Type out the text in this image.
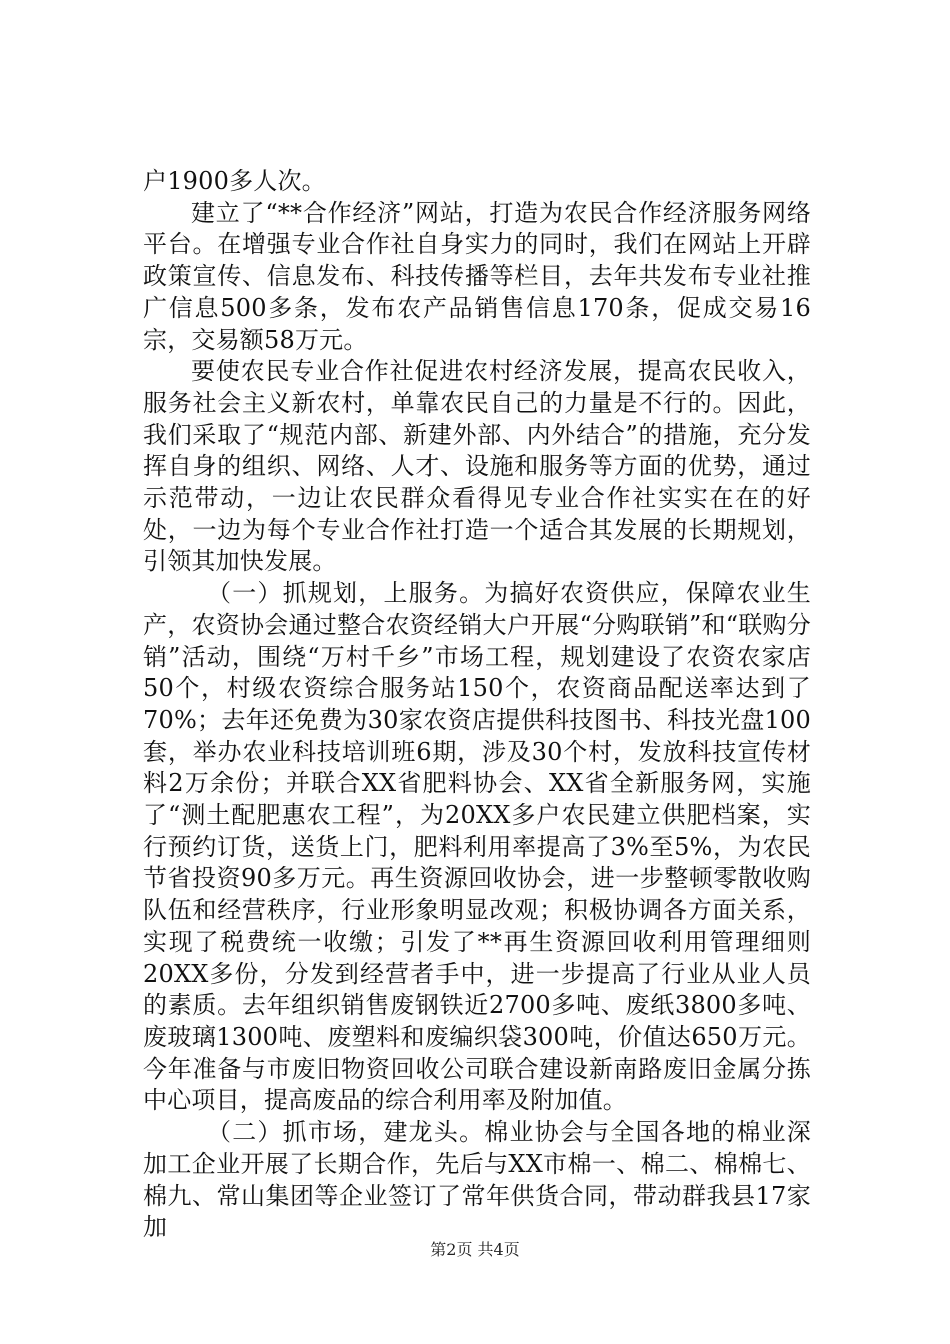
户1900多人次。

建立了“**合作经济”网站，打造为农民合作经济服务网络平台。在增强专业合作社自身实力的同时，我们在网站上开辟政策宣传、信息发布、科技传播等栏目，去年共发布专业社推广信息500多条，发布农产品销售信息170条，促成交易16宗，交易额58万元。

要使农民专业合作社促进农村经济发展，提高农民收入，服务社会主义新农村，单靠农民自己的力量是不行的。因此，我们采取了“规范内部、新建外部、内外结合”的措施，充分发挥自身的组织、网络、人才、设施和服务等方面的优势，通过示范带动，一边让农民群众看得见专业合作社实实在在的好处，一边为每个专业合作社打造一个适合其发展的长期规划，引领其加快发展。

（一）抓规划，上服务。为搞好农资供应，保障农业生产，农资协会通过整合农资经销大户开展“分购联销”和“联购分销”活动，围绕“万村千乡”市场工程，规划建设了农资农家店50个，村级农资综合服务站150个，农资商品配送率达到了70%；去年还免费为30家农资店提供科技图书、科技光盘100套，举办农业科技培训班6期，涉及30个村，发放科技宣传材料2万余份；并联合XX省肥料协会、XX省全新服务网，实施了“测土配肥惠农工程”，为20XX多户农民建立供肥档案，实行预约订货，送货上门，肥料利用率提高了3%至5%，为农民节省投资90多万元。再生资源回收协会，进一步整顿零散收购队伍和经营秩序，行业形象明显改观；积极协调各方面关系，实现了税费统一收缴；引发了**再生资源回收利用管理细则20XX多份，分发到经营者手中，进一步提高了行业从业人员的素质。去年组织销售废钢铁近2700多吨、废纸3800多吨、废玻璃1300吨、废塑料和废编织袋300吨，价值达650万元。今年准备与市废旧物资回收公司联合建设新南路废旧金属分拣中心项目，提高废品的综合利用率及附加值。

（二）抓市场，建龙头。棉业协会与全国各地的棉业深加工企业开展了长期合作，先后与XX市棉一、棉二、棉棉七、棉九、常山集团等企业签订了常年供货合同，带动群我县17家加

第2页 共4页
